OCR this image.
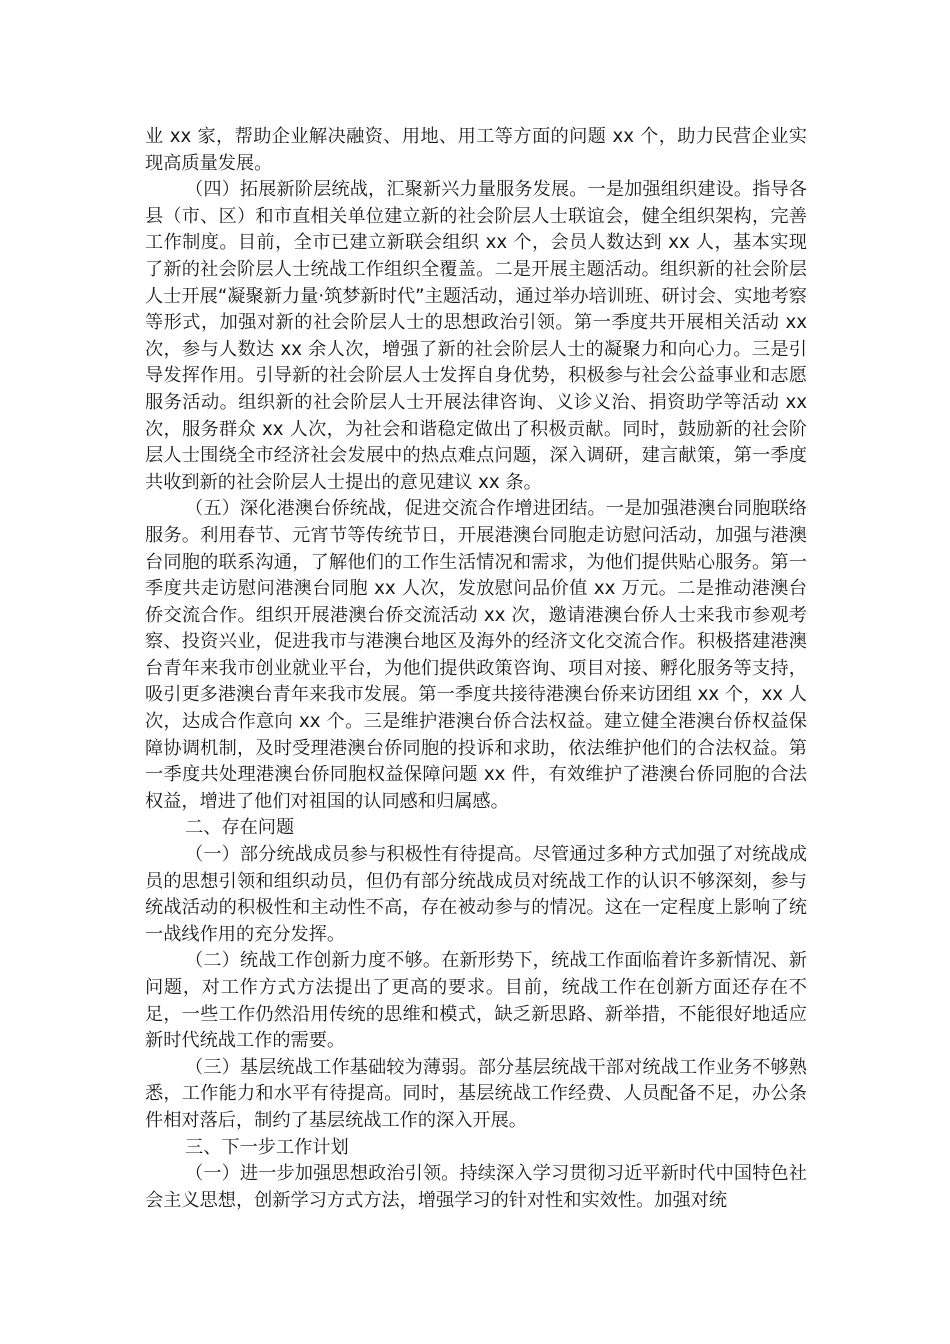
业 xx 家，帮助企业解决融资、用地、用工等方面的问题 xx 个，助力民营企业实现高质量发展。

（四）拓展新阶层统战，汇聚新兴力量服务发展。一是加强组织建设。指导各县（市、区）和市直相关单位建立新的社会阶层人士联谊会，健全组织架构，完善工作制度。目前，全市已建立新联会组织 xx 个，会员人数达到 xx 人，基本实现了新的社会阶层人士统战工作组织全覆盖。二是开展主题活动。组织新的社会阶层人士开展“凝聚新力量·筑梦新时代”主题活动，通过举办培训班、研讨会、实地考察等形式，加强对新的社会阶层人士的思想政治引领。第一季度共开展相关活动 xx 次，参与人数达 xx 余人次，增强了新的社会阶层人士的凝聚力和向心力。三是引导发挥作用。引导新的社会阶层人士发挥自身优势，积极参与社会公益事业和志愿服务活动。组织新的社会阶层人士开展法律咨询、义诊义治、捐资助学等活动 xx 次，服务群众 xx 人次，为社会和谐稳定做出了积极贡献。同时，鼓励新的社会阶层人士围绕全市经济社会发展中的热点难点问题，深入调研，建言献策，第一季度共收到新的社会阶层人士提出的意见建议 xx 条。

（五）深化港澳台侨统战，促进交流合作增进团结。一是加强港澳台同胞联络服务。利用春节、元宵节等传统节日，开展港澳台同胞走访慰问活动，加强与港澳台同胞的联系沟通，了解他们的工作生活情况和需求，为他们提供贴心服务。第一季度共走访慰问港澳台同胞 xx 人次，发放慰问品价值 xx 万元。二是推动港澳台侨交流合作。组织开展港澳台侨交流活动 xx 次，邀请港澳台侨人士来我市参观考察、投资兴业，促进我市与港澳台地区及海外的经济文化交流合作。积极搭建港澳台青年来我市创业就业平台，为他们提供政策咨询、项目对接、孵化服务等支持，吸引更多港澳台青年来我市发展。第一季度共接待港澳台侨来访团组 xx 个，xx 人次，达成合作意向 xx 个。三是维护港澳台侨合法权益。建立健全港澳台侨权益保障协调机制，及时受理港澳台侨同胞的投诉和求助，依法维护他们的合法权益。第一季度共处理港澳台侨同胞权益保障问题 xx 件，有效维护了港澳台侨同胞的合法权益，增进了他们对祖国的认同感和归属感。

二、存在问题

（一）部分统战成员参与积极性有待提高。尽管通过多种方式加强了对统战成员的思想引领和组织动员，但仍有部分统战成员对统战工作的认识不够深刻，参与统战活动的积极性和主动性不高，存在被动参与的情况。这在一定程度上影响了统一战线作用的充分发挥。

（二）统战工作创新力度不够。在新形势下，统战工作面临着许多新情况、新问题，对工作方式方法提出了更高的要求。目前，统战工作在创新方面还存在不足，一些工作仍然沿用传统的思维和模式，缺乏新思路、新举措，不能很好地适应新时代统战工作的需要。

（三）基层统战工作基础较为薄弱。部分基层统战干部对统战工作业务不够熟悉，工作能力和水平有待提高。同时，基层统战工作经费、人员配备不足，办公条件相对落后，制约了基层统战工作的深入开展。

三、下一步工作计划

（一）进一步加强思想政治引领。持续深入学习贯彻习近平新时代中国特色社会主义思想，创新学习方式方法，增强学习的针对性和实效性。加强对统
